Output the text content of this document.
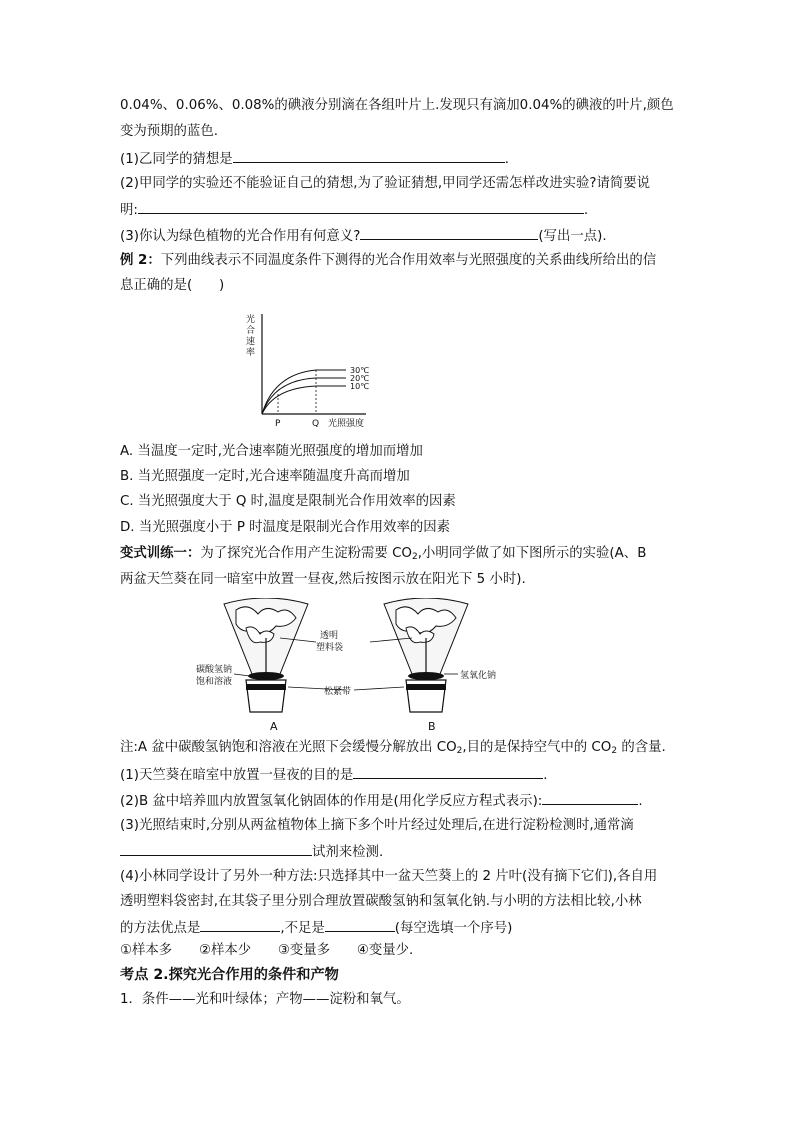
0.04%、0.06%、0.08%的碘液分别滴在各组叶片上.发现只有滴加0.04%的碘液的叶片,颜色
变为预期的蓝色.
(1)乙同学的猜想是	.
(2)甲同学的实验还不能验证自己的猜想,为了验证猜想,甲同学还需怎样改进实验?请简要说
明:	.
(3)你认为绿色植物的光合作用有何意义?	(写出一点).
例 2：下列曲线表示不同温度条件下测得的光合作用效率与光照强度的关系曲线所给出的信
息正确的是(　　)
光
合
速
率
30℃
20℃
10℃
P	Q 光照强度
A. 当温度一定时,光合速率随光照强度的增加而增加
B. 当光照强度一定时,光合速率随温度升高而增加
C. 当光照强度大于 Q 时,温度是限制光合作用效率的因素
D. 当光照强度小于 P 时温度是限制光合作用效率的因素
变式训练一：为了探究光合作用产生淀粉需要 $CO_2$,小明同学做了如下图所示的实验(A、B
两盆天竺葵在同一暗室中放置一昼夜,然后按图示放在阳光下 5 小时).
透明
塑料袋
碳酸氢钠
饱和溶液
氢氧化钠
松紧带
A	B
注:A 盆中碳酸氢钠饱和溶液在光照下会缓慢分解放出 $CO_2$,目的是保持空气中的 $CO_2$ 的含量.
(1)天竺葵在暗室中放置一昼夜的目的是	.
(2)B 盆中培养皿内放置氢氧化钠固体的作用是(用化学反应方程式表示):	.
(3)光照结束时,分别从两盆植物体上摘下多个叶片经过处理后,在进行淀粉检测时,通常滴
试剂来检测.
(4)小林同学设计了另外一种方法:只选择其中一盆天竺葵上的 2 片叶(没有摘下它们),各自用
透明塑料袋密封,在其袋子里分别合理放置碳酸氢钠和氢氧化钠.与小明的方法相比较,小林
的方法优点是	,不足是	(每空选填一个序号)
①样本多　　②样本少　　③变量多　　④变量少.
考点 2.探究光合作用的条件和产物
1．条件——光和叶绿体；产物——淀粉和氧气。
